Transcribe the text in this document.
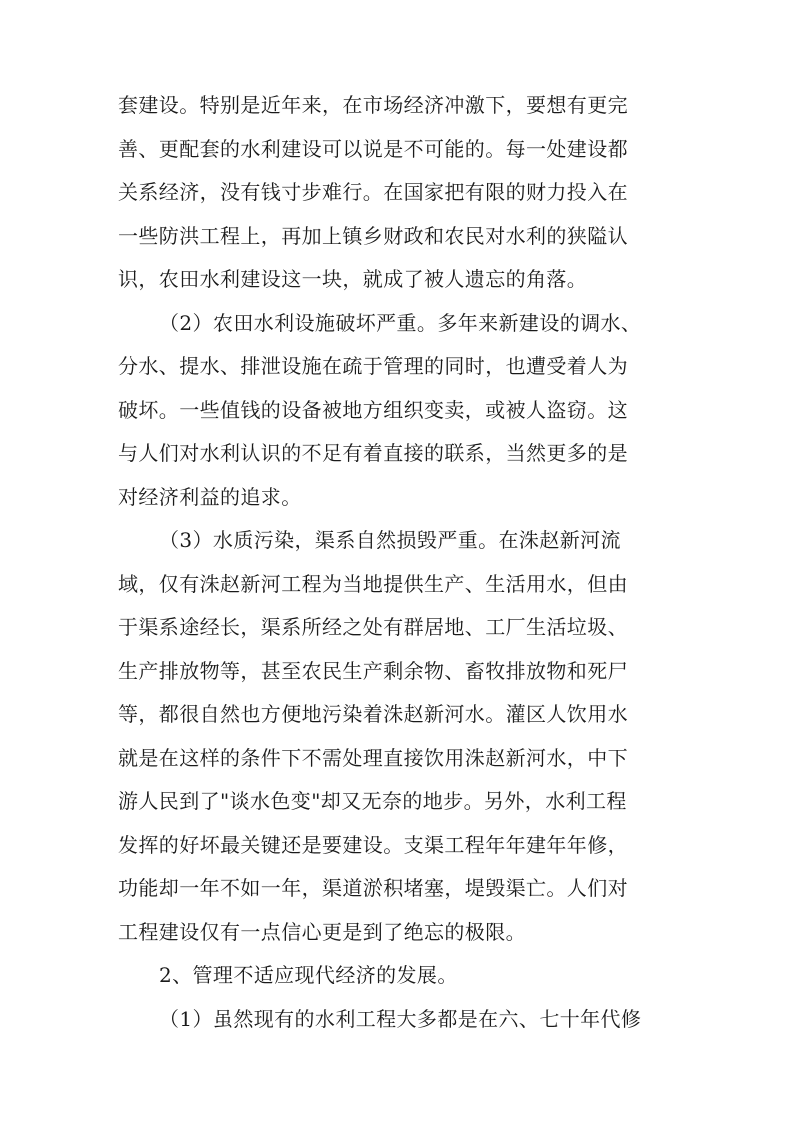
套建设。特别是近年来，在市场经济冲激下，要想有更完
善、更配套的水利建设可以说是不可能的。每一处建设都
关系经济，没有钱寸步难行。在国家把有限的财力投入在
一些防洪工程上，再加上镇乡财政和农民对水利的狭隘认
识，农田水利建设这一块，就成了被人遗忘的角落。
（2）农田水利设施破坏严重。多年来新建设的调水、
分水、提水、排泄设施在疏于管理的同时，也遭受着人为
破坏。一些值钱的设备被地方组织变卖，或被人盗窃。这
与人们对水利认识的不足有着直接的联系，当然更多的是
对经济利益的追求。
（3）水质污染，渠系自然损毁严重。在洙赵新河流
域，仅有洙赵新河工程为当地提供生产、生活用水，但由
于渠系途经长，渠系所经之处有群居地、工厂生活垃圾、
生产排放物等，甚至农民生产剩余物、畜牧排放物和死尸
等，都很自然也方便地污染着洙赵新河水。灌区人饮用水
就是在这样的条件下不需处理直接饮用洙赵新河水，中下
游人民到了"谈水色变"却又无奈的地步。另外，水利工程
发挥的好坏最关键还是要建设。支渠工程年年建年年修，
功能却一年不如一年，渠道淤积堵塞，堤毁渠亡。人们对
工程建设仅有一点信心更是到了绝忘的极限。
2、管理不适应现代经济的发展。
（1）虽然现有的水利工程大多都是在六、七十年代修
